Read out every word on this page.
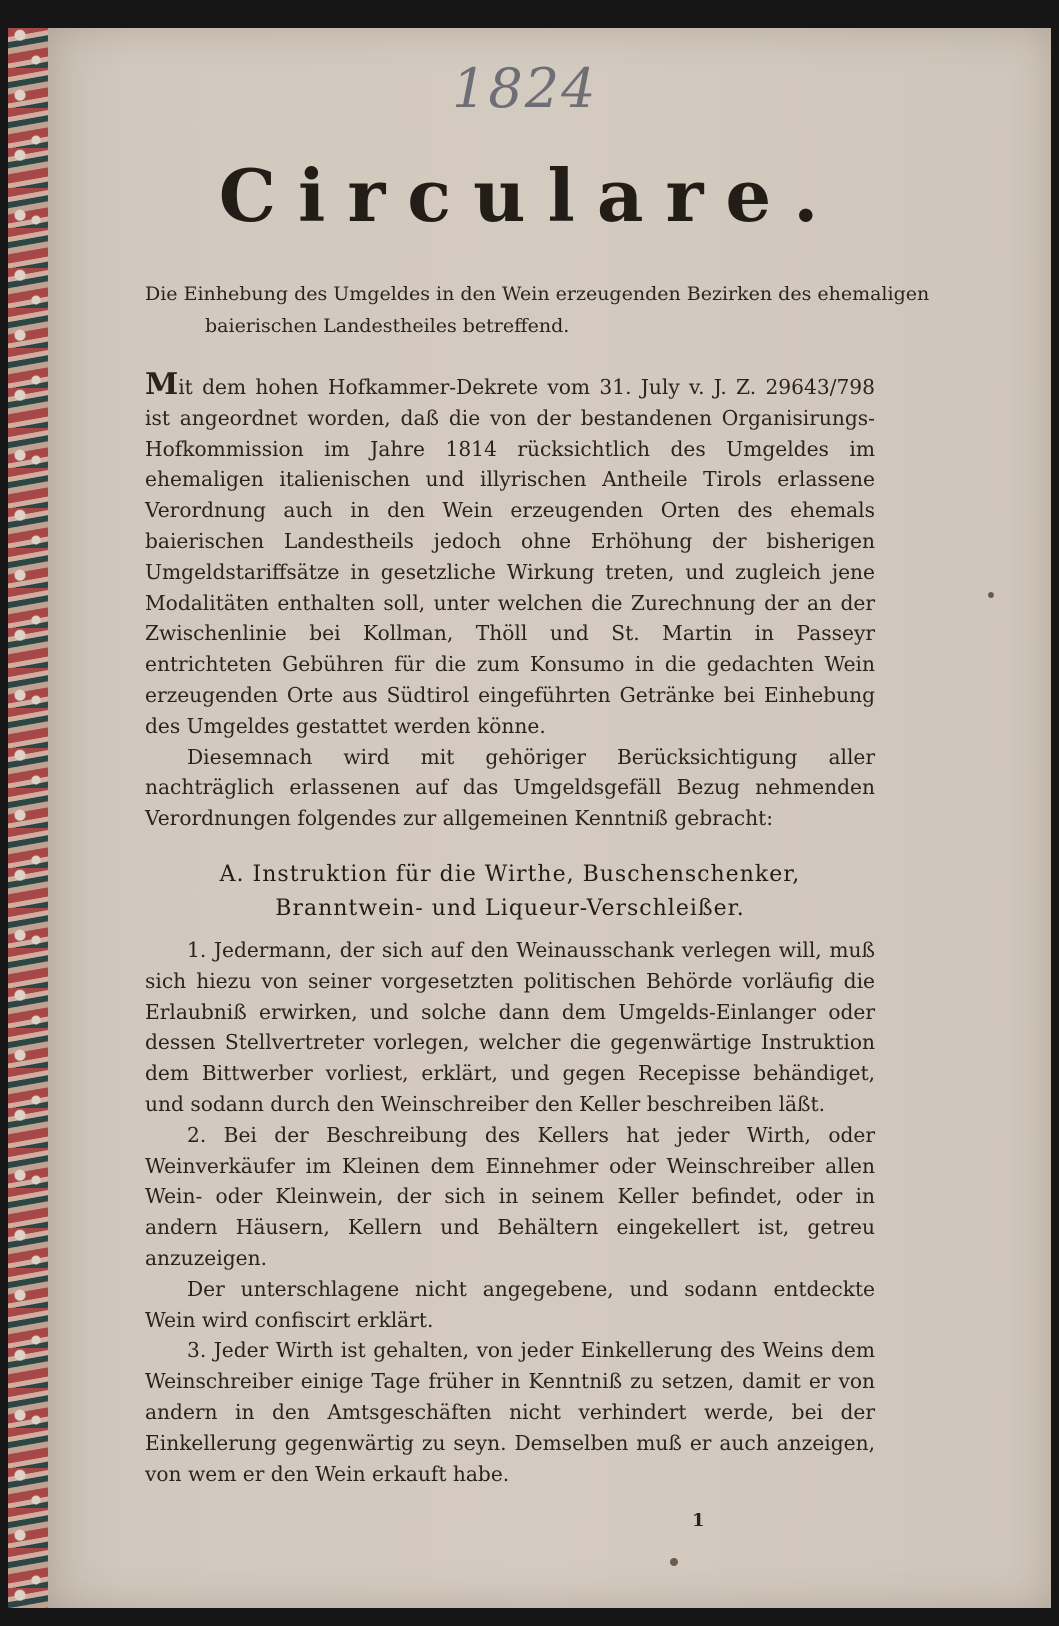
1824
Circulare.
Die Einhebung des Umgeldes in den Wein erzeugenden Bezirken des ehemaligen baierischen Landestheiles betreffend.

Mit dem hohen Hofkammer-Dekrete vom 31. July v. J. Z. 29643/798 ist angeordnet worden, daß die von der bestandenen Organisirungs-Hofkommission im Jahre 1814 rücksichtlich des Umgeldes im ehemaligen italienischen und illyrischen Antheile Tirols erlassene Verordnung auch in den Wein erzeugenden Orten des ehemals baierischen Landestheils jedoch ohne Erhöhung der bisherigen Umgeldstariffsätze in gesetzliche Wirkung treten, und zugleich jene Modalitäten enthalten soll, unter welchen die Zurechnung der an der Zwischenlinie bei Kollman, Thöll und St. Martin in Passeyr entrichteten Gebühren für die zum Konsumo in die gedachten Wein erzeugenden Orte aus Südtirol eingeführten Getränke bei Einhebung des Umgeldes gestattet werden könne.

Diesemnach wird mit gehöriger Berücksichtigung aller nachträglich erlassenen auf das Umgeldsgefäll Bezug nehmenden Verordnungen folgendes zur allgemeinen Kenntniß gebracht:

A. Instruktion für die Wirthe, Buschenschenker, Branntwein- und Liqueur-Verschleißer.

1. Jedermann, der sich auf den Weinausschank verlegen will, muß sich hiezu von seiner vorgesetzten politischen Behörde vorläufig die Erlaubniß erwirken, und solche dann dem Umgelds-Einlanger oder dessen Stellvertreter vorlegen, welcher die gegenwärtige Instruktion dem Bittwerber vorliest, erklärt, und gegen Recepisse behändiget, und sodann durch den Weinschreiber den Keller beschreiben läßt.

2. Bei der Beschreibung des Kellers hat jeder Wirth, oder Weinverkäufer im Kleinen dem Einnehmer oder Weinschreiber allen Wein- oder Kleinwein, der sich in seinem Keller befindet, oder in andern Häusern, Kellern und Behältern eingekellert ist, getreu anzuzeigen.

Der unterschlagene nicht angegebene, und sodann entdeckte Wein wird confiscirt erklärt.

3. Jeder Wirth ist gehalten, von jeder Einkellerung des Weins dem Weinschreiber einige Tage früher in Kenntniß zu setzen, damit er von andern in den Amtsgeschäften nicht verhindert werde, bei der Einkellerung gegenwärtig zu seyn. Demselben muß er auch anzeigen, von wem er den Wein erkauft habe.

1
